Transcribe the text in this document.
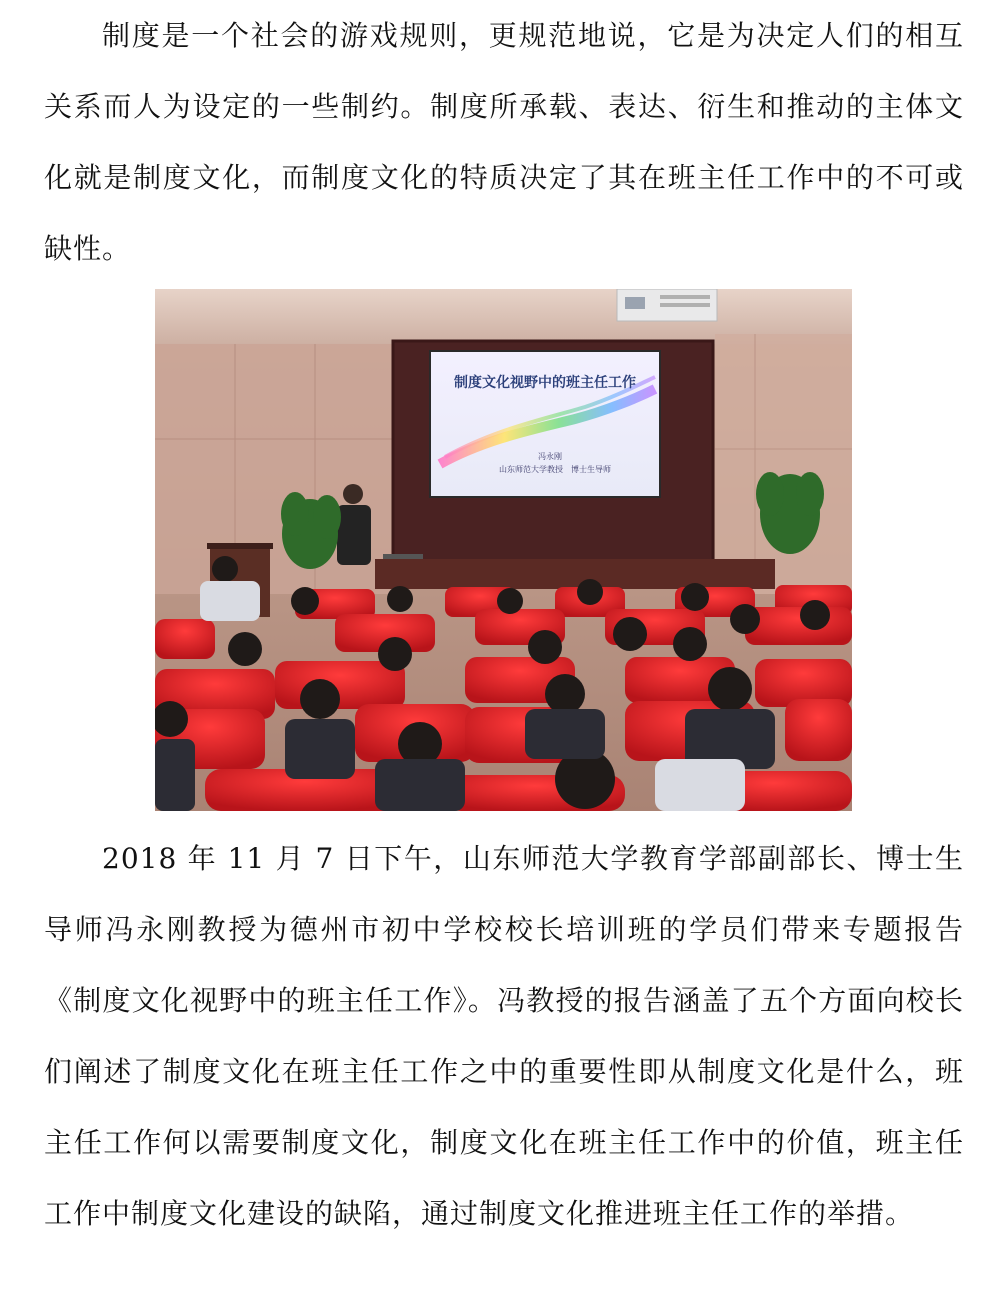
制度是一个社会的游戏规则，更规范地说，它是为决定人们的相互关系而人为设定的一些制约。制度所承载、表达、衍生和推动的主体文化就是制度文化，而制度文化的特质决定了其在班主任工作中的不可或缺性。

制度文化视野中的班主任工作
冯永刚
山东师范大学教授　博士生导师

2018 年 11 月 7 日下午，山东师范大学教育学部副部长、博士生导师冯永刚教授为德州市初中学校校长培训班的学员们带来专题报告《制度文化视野中的班主任工作》。冯教授的报告涵盖了五个方面向校长们阐述了制度文化在班主任工作之中的重要性即从制度文化是什么，班主任工作何以需要制度文化，制度文化在班主任工作中的价值，班主任工作中制度文化建设的缺陷，通过制度文化推进班主任工作的举措。
